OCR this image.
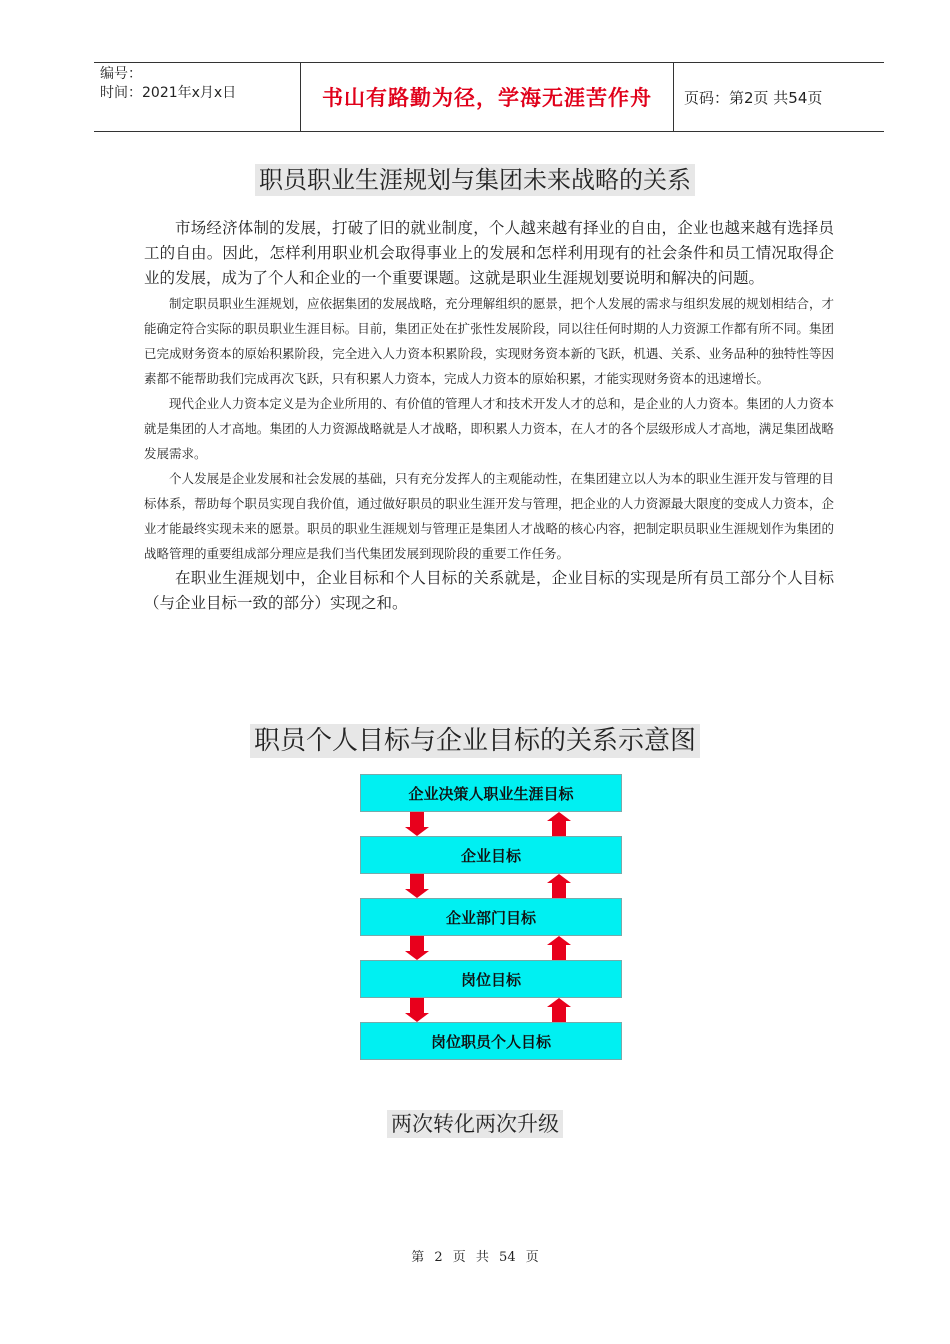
编号：
时间：2021年x月x日	书山有路勤为径，学海无涯苦作舟	页码：第2页 共54页
职员职业生涯规划与集团未来战略的关系

市场经济体制的发展，打破了旧的就业制度，个人越来越有择业的自由，企业也越来越有选择员工的自由。因此，怎样利用职业机会取得事业上的发展和怎样利用现有的社会条件和员工情况取得企业的发展，成为了个人和企业的一个重要课题。这就是职业生涯规划要说明和解决的问题。

制定职员职业生涯规划，应依据集团的发展战略，充分理解组织的愿景，把个人发展的需求与组织发展的规划相结合，才能确定符合实际的职员职业生涯目标。目前，集团正处在扩张性发展阶段，同以往任何时期的人力资源工作都有所不同。集团已完成财务资本的原始积累阶段，完全进入人力资本积累阶段，实现财务资本新的飞跃，机遇、关系、业务品种的独特性等因素都不能帮助我们完成再次飞跃，只有积累人力资本，完成人力资本的原始积累，才能实现财务资本的迅速增长。

现代企业人力资本定义是为企业所用的、有价值的管理人才和技术开发人才的总和，是企业的人力资本。集团的人力资本就是集团的人才高地。集团的人力资源战略就是人才战略，即积累人力资本，在人才的各个层级形成人才高地，满足集团战略发展需求。

个人发展是企业发展和社会发展的基础，只有充分发挥人的主观能动性，在集团建立以人为本的职业生涯开发与管理的目标体系，帮助每个职员实现自我价值，通过做好职员的职业生涯开发与管理，把企业的人力资源最大限度的变成人力资本，企业才能最终实现未来的愿景。职员的职业生涯规划与管理正是集团人才战略的核心内容，把制定职员职业生涯规划作为集团的战略管理的重要组成部分理应是我们当代集团发展到现阶段的重要工作任务。

在职业生涯规划中，企业目标和个人目标的关系就是，企业目标的实现是所有员工部分个人目标（与企业目标一致的部分）实现之和。

职员个人目标与企业目标的关系示意图
企业决策人职业生涯目标
企业目标
企业部门目标
岗位目标
岗位职员个人目标
两次转化两次升级
第 2 页 共 54 页
